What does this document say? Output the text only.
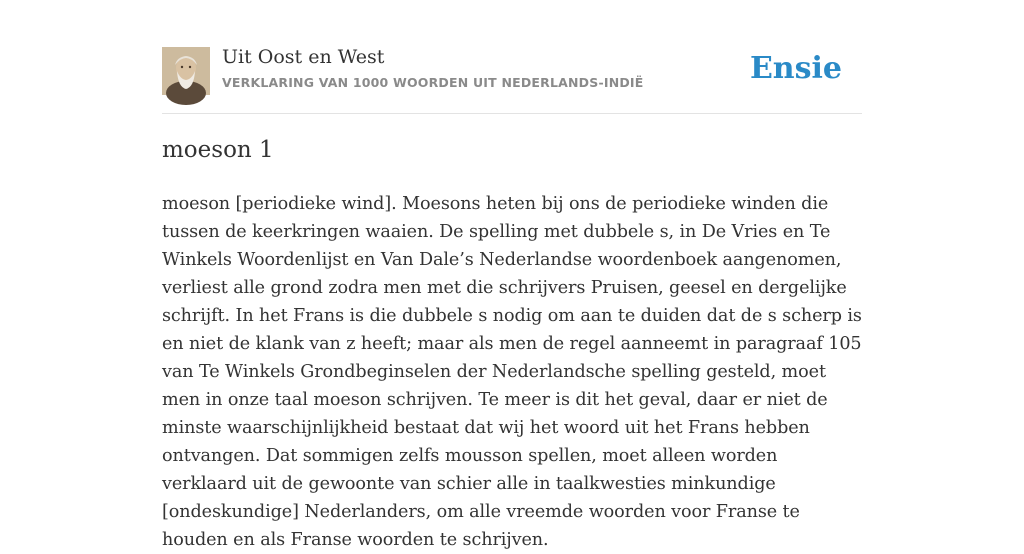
Uit Oost en West
VERKLARING VAN 1000 WOORDEN UIT NEDERLANDS-INDIË	Ensie
moeson 1

moeson [periodieke wind]. Moesons heten bij ons de periodieke winden die tussen de keerkringen waaien. De spelling met dubbele s, in De Vries en Te Winkels Woordenlijst en Van Dale’s Nederlandse woordenboek aangenomen, verliest alle grond zodra men met die schrijvers Pruisen, geesel en dergelijke schrijft. In het Frans is die dubbele s nodig om aan te duiden dat de s scherp is en niet de klank van z heeft; maar als men de regel aanneemt in paragraaf 105 van Te Winkels Grondbeginselen der Nederlandsche spelling gesteld, moet men in onze taal moeson schrijven. Te meer is dit het geval, daar er niet de minste waarschijnlijkheid bestaat dat wij het woord uit het Frans hebben ontvangen. Dat sommigen zelfs mousson spellen, moet alleen worden verklaard uit de gewoonte van schier alle in taalkwesties minkundige [ondeskundige] Nederlanders, om alle vreemde woorden voor Franse te houden en als Franse woorden te schrijven.
